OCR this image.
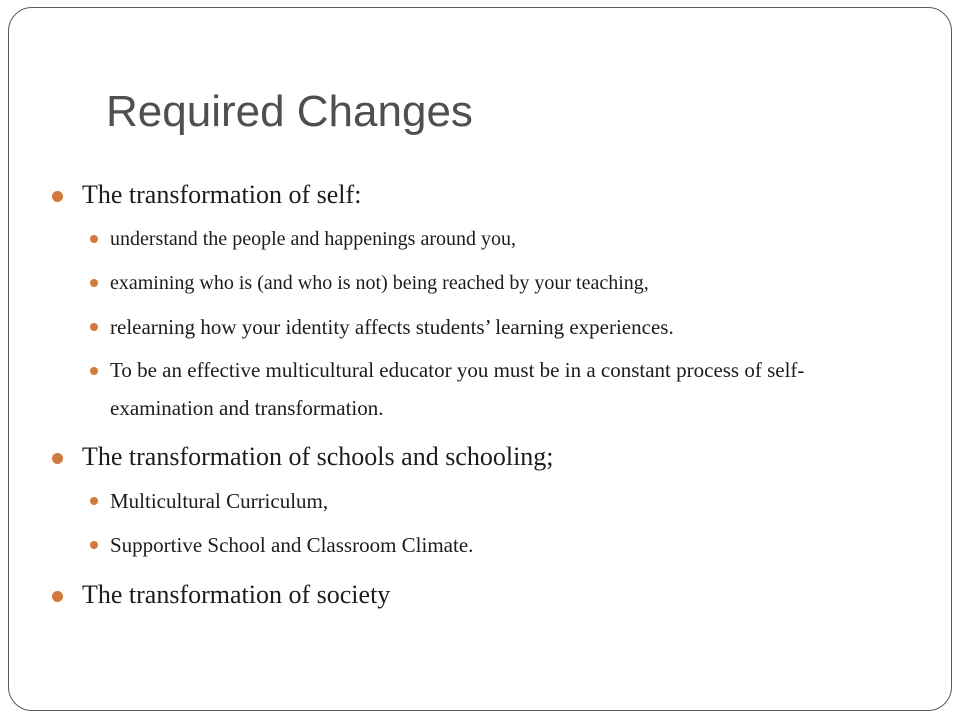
Required Changes
The transformation of self:
understand the people and happenings around you,
examining who is (and who is not) being reached by your teaching,
relearning how your identity affects students’ learning experiences.
To be an effective multicultural educator you must be in a constant process of self-examination and transformation.
The transformation of schools and schooling;
Multicultural Curriculum,
Supportive School and Classroom Climate.
The transformation of society
